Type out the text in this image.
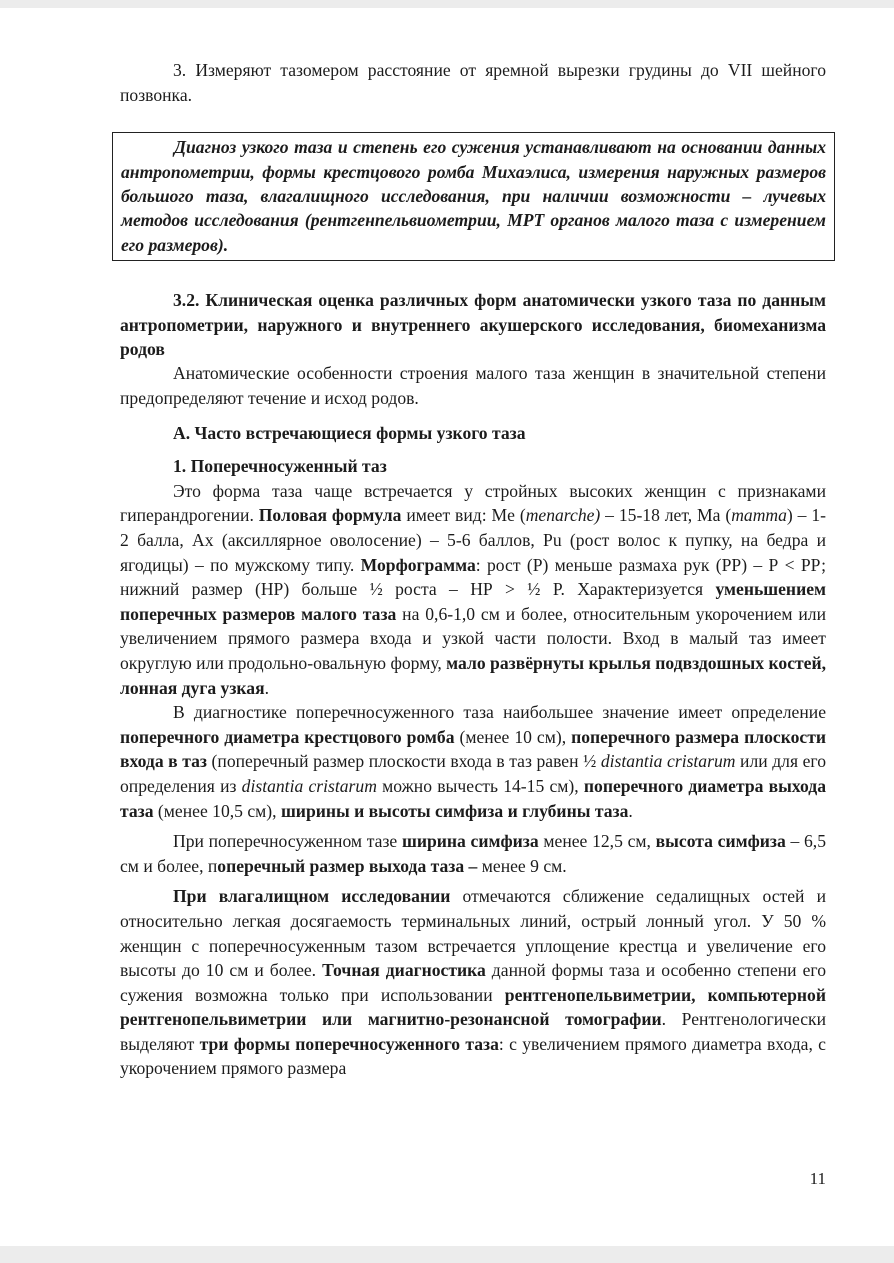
3. Измеряют тазомером расстояние от яремной вырезки грудины до VII шейного позвонка.

Диагноз узкого таза и степень его сужения устанавливают на основании данных антропометрии, формы крестцового ромба Михаэлиса, измерения наружных размеров большого таза, влагалищного исследования, при наличии возможности – лучевых методов исследования (рентгенпельвиометрии, МРТ органов малого таза с измерением его размеров).

3.2. Клиническая оценка различных форм анатомически узкого таза по данным антропометрии, наружного и внутреннего акушерского исследования, биомеханизма родов

Анатомические особенности строения малого таза женщин в значительной степени предопределяют течение и исход родов.

А. Часто встречающиеся формы узкого таза

1. Поперечносуженный таз

Это форма таза чаще встречается у стройных высоких женщин с признаками гиперандрогении. Половая формула имеет вид: Me (menarche) – 15-18 лет, Ma (mamma) – 1-2 балла, Ax (аксиллярное оволосение) – 5-6 баллов, Pu (рост волос к пупку, на бедра и ягодицы) – по мужскому типу. Морфограмма: рост (Р) меньше размаха рук (РР) – Р < РР; нижний размер (НР) больше ½ роста – НР > ½ Р. Характеризуется уменьшением поперечных размеров малого таза на 0,6-1,0 см и более, относительным укорочением или увеличением прямого размера входа и узкой части полости. Вход в малый таз имеет округлую или продольно-овальную форму, мало развёрнуты крылья подвздошных костей, лонная дуга узкая.

В диагностике поперечносуженного таза наибольшее значение имеет определение поперечного диаметра крестцового ромба (менее 10 см), поперечного размера плоскости входа в таз (поперечный размер плоскости входа в таз равен ½ distantia cristarum или для его определения из distantia cristarum можно вычесть 14-15 см), поперечного диаметра выхода таза (менее 10,5 см), ширины и высоты симфиза и глубины таза.

При поперечносуженном тазе ширина симфиза менее 12,5 см, высота симфиза – 6,5 см и более, поперечный размер выхода таза – менее 9 см.

При влагалищном исследовании отмечаются сближение седалищных остей и относительно легкая досягаемость терминальных линий, острый лонный угол. У 50 % женщин с поперечносуженным тазом встречается уплощение крестца и увеличение его высоты до 10 см и более. Точная диагностика данной формы таза и особенно степени его сужения возможна только при использовании рентгенопельвиметрии, компьютерной рентгенопельвиметрии или магнитно-резонансной томографии. Рентгенологически выделяют три формы поперечносуженного таза: с увеличением прямого диаметра входа, с укорочением прямого размера

11
